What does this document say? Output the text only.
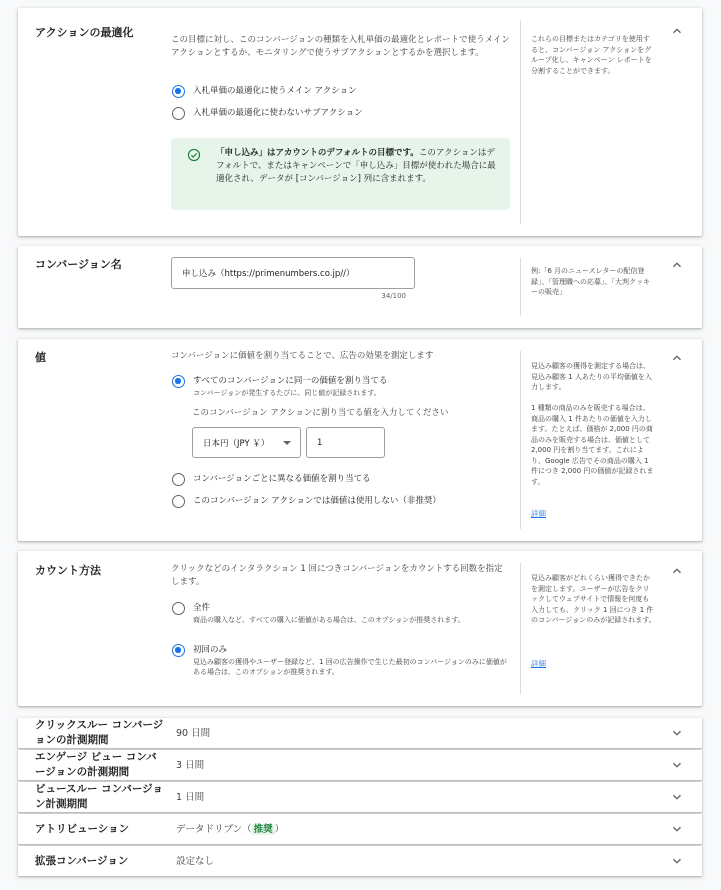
アクションの最適化
この目標に対し、このコンバージョンの種類を入札単価の最適化とレポートで使うメイン アクションとするか、モニタリングで使うサブアクションとするかを選択します。
入札単価の最適化に使うメイン アクション
入札単価の最適化に使わないサブアクション
「申し込み」はアカウントのデフォルトの目標です。このアクションはデフォルトで、またはキャンペーンで「申し込み」目標が使われた場合に最適化され、データが [コンバージョン] 列に含まれます。
これらの目標またはカテゴリを使用すると、コンバージョン アクションをグループ化し、キャンペーン レポートを分割することができます。
コンバージョン名
申し込み（https://primenumbers.co.jp//）
34/100
例:「6 月のニュースレターの配信登録」、「管理職への応募」、「大判クッキーの販売」
値	コンバージョンに価値を割り当てることで、広告の効果を測定します
すべてのコンバージョンに同一の価値を割り当てる
コンバージョンが発生するたびに、同じ値が記録されます。
このコンバージョン アクションに割り当てる値を入力してください
日本円（JPY ￥）	1
コンバージョンごとに異なる価値を割り当てる
このコンバージョン アクションでは価値は使用しない（非推奨）
見込み顧客の獲得を測定する場合は、見込み顧客 1 人あたりの平均価値を入力します。
1 種類の商品のみを販売する場合は、商品の購入 1 件あたりの価値を入力します。たとえば、価格が 2,000 円の商品のみを販売する場合は、価値として 2,000 円を割り当てます。これにより、Google 広告でその商品の購入 1 件につき 2,000 円の価値が記録されます。
詳細
カウント方法	クリックなどのインタラクション 1 回につきコンバージョンをカウントする回数を指定します。
全件
商品の購入など、すべての購入に価値がある場合は、このオプションが推奨されます。
初回のみ
見込み顧客の獲得やユーザー登録など、1 回の広告操作で生じた最初のコンバージョンのみに価値がある場合は、このオプションが推奨されます。
見込み顧客がどれくらい獲得できたかを測定します。ユーザーが広告をクリックしてウェブサイトで情報を何度も入力しても、クリック 1 回につき 1 件のコンバージョンのみが記録されます。
詳細
クリックスルー コンバージョンの計測期間
90 日間
エンゲージ ビュー コンバージョンの計測期間
3 日間
ビュースルー コンバージョン計測期間
1 日間
アトリビューション	データドリブン（ 推奨 ）
拡張コンバージョン	設定なし
